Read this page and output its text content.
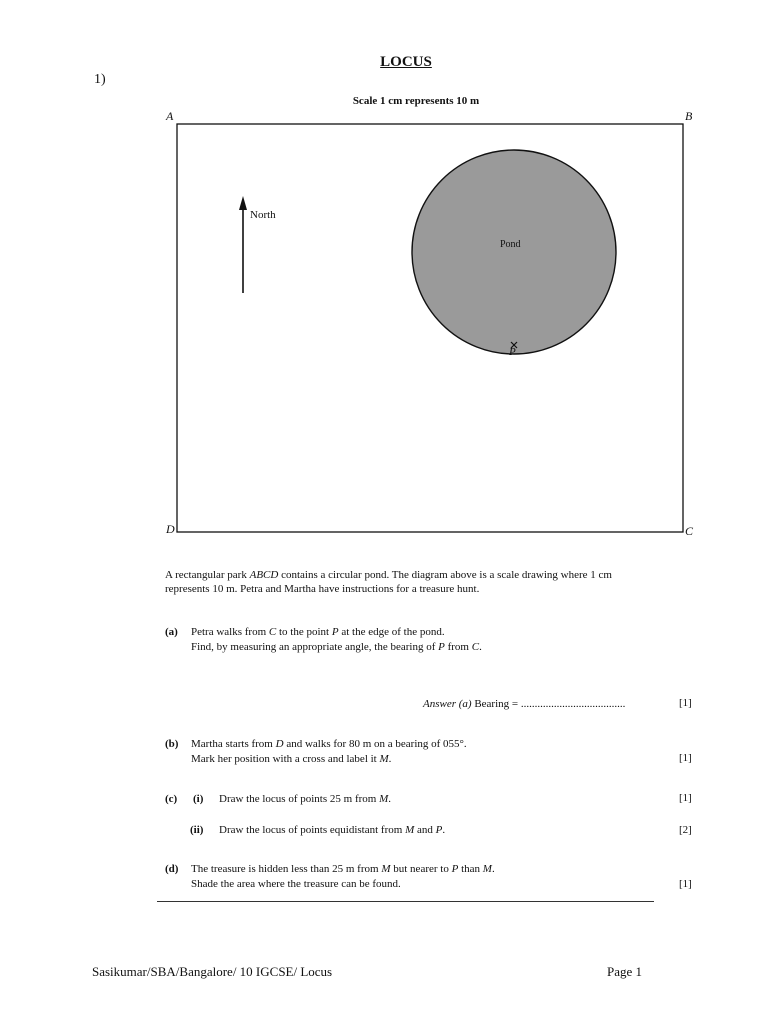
LOCUS
1)
Scale 1 cm represents 10 m
A	B
C
D
North
Pond
P
A rectangular park ABCD contains a circular pond. The diagram above is a scale drawing where 1 cm
represents 10 m. Petra and Martha have instructions for a treasure hunt.
(a) Petra walks from C to the point P at the edge of the pond.
Find, by measuring an appropriate angle, the bearing of P from C.
Answer (a) Bearing = ......................................	[1]
(b) Martha starts from D and walks for 80 m on a bearing of 055°.
Mark her position with a cross and label it M.	[1]
(c) (i) Draw the locus of points 25 m from M.	[1]
(ii) Draw the locus of points equidistant from M and P.	[2]
(d) The treasure is hidden less than 25 m from M but nearer to P than M.
Shade the area where the treasure can be found.	[1]
Sasikumar/SBA/Bangalore/ 10 IGCSE/ Locus	Page 1
